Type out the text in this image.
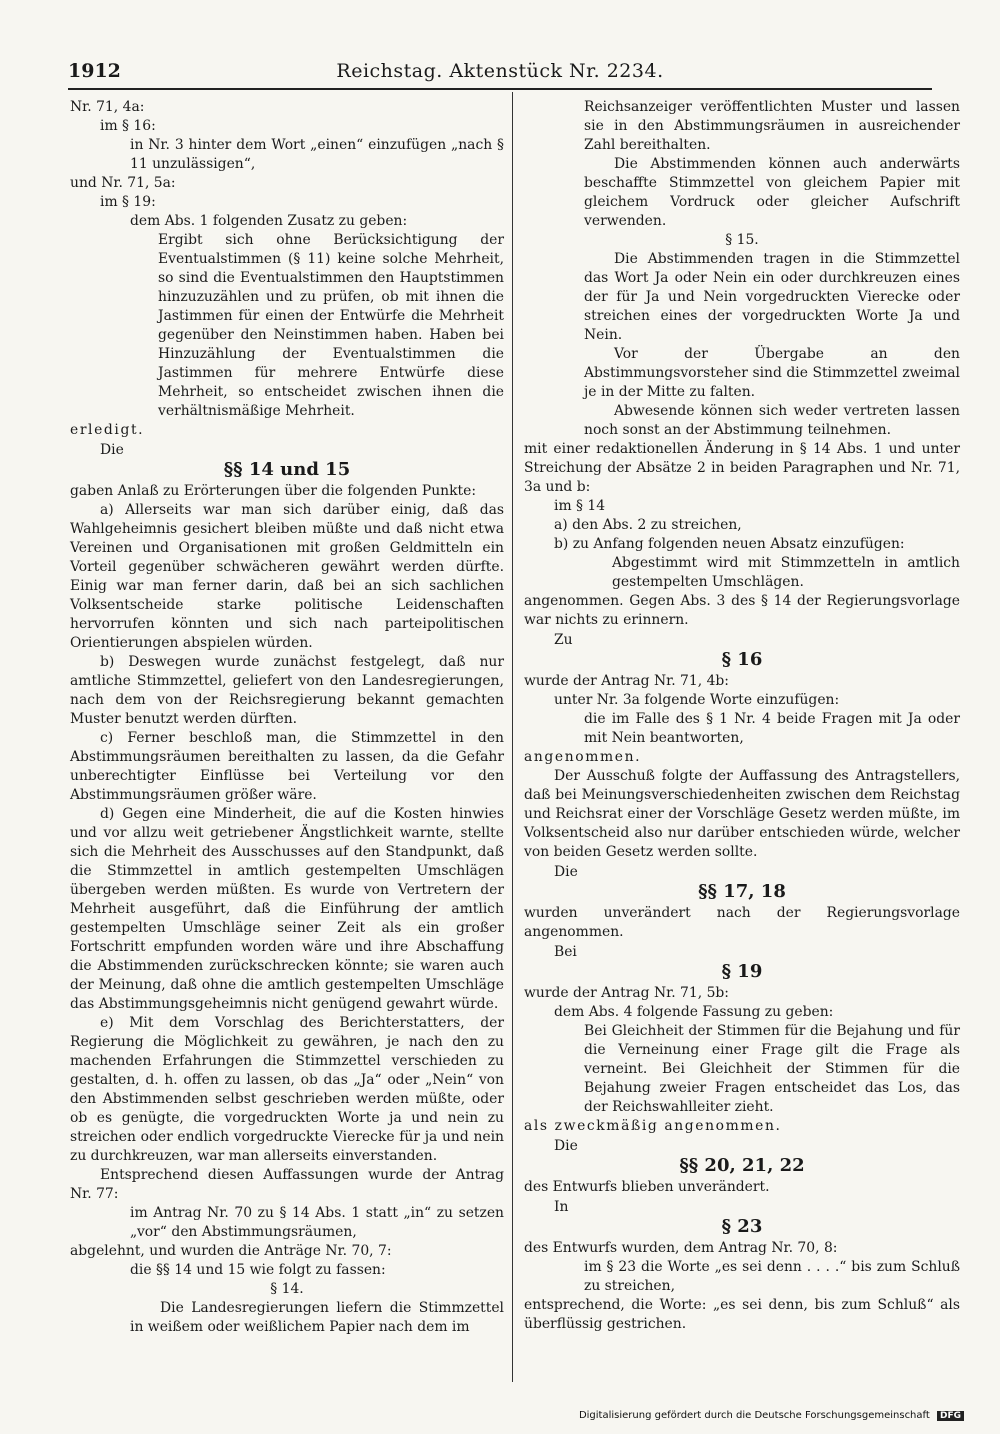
1912	Reichstag. Aktenstück Nr. 2234.

Nr. 71, 4a:

im § 16:

in Nr. 3 hinter dem Wort „einen“ einzufügen „nach § 11 unzulässigen“,

und Nr. 71, 5a:

im § 19:

dem Abs. 1 folgenden Zusatz zu geben:

Ergibt sich ohne Berücksichtigung der Eventualstimmen (§ 11) keine solche Mehrheit, so sind die Eventualstimmen den Hauptstimmen hinzuzuzählen und zu prüfen, ob mit ihnen die Jastimmen für einen der Entwürfe die Mehrheit gegenüber den Neinstimmen haben. Haben bei Hinzuzählung der Eventualstimmen die Jastimmen für mehrere Entwürfe diese Mehrheit, so entscheidet zwischen ihnen die verhältnismäßige Mehrheit.

erledigt.

Die
§§ 14 und 15

gaben Anlaß zu Erörterungen über die folgenden Punkte:

a) Allerseits war man sich darüber einig, daß das Wahlgeheimnis gesichert bleiben müßte und daß nicht etwa Vereinen und Organisationen mit großen Geldmitteln ein Vorteil gegenüber schwächeren gewährt werden dürfte. Einig war man ferner darin, daß bei an sich sachlichen Volksentscheide starke politische Leidenschaften hervorrufen könnten und sich nach parteipolitischen Orientierungen abspielen würden.

b) Deswegen wurde zunächst festgelegt, daß nur amtliche Stimmzettel, geliefert von den Landesregierungen, nach dem von der Reichsregierung bekannt gemachten Muster benutzt werden dürften.

c) Ferner beschloß man, die Stimmzettel in den Abstimmungsräumen bereithalten zu lassen, da die Gefahr unberechtigter Einflüsse bei Verteilung vor den Abstimmungsräumen größer wäre.

d) Gegen eine Minderheit, die auf die Kosten hinwies und vor allzu weit getriebener Ängstlichkeit warnte, stellte sich die Mehrheit des Ausschusses auf den Standpunkt, daß die Stimmzettel in amtlich gestempelten Umschlägen übergeben werden müßten. Es wurde von Vertretern der Mehrheit ausgeführt, daß die Einführung der amtlich gestempelten Umschläge seiner Zeit als ein großer Fortschritt empfunden worden wäre und ihre Abschaffung die Abstimmenden zurückschrecken könnte; sie waren auch der Meinung, daß ohne die amtlich gestempelten Umschläge das Abstimmungsgeheimnis nicht genügend gewahrt würde.

e) Mit dem Vorschlag des Berichterstatters, der Regierung die Möglichkeit zu gewähren, je nach den zu machenden Erfahrungen die Stimmzettel verschieden zu gestalten, d. h. offen zu lassen, ob das „Ja“ oder „Nein“ von den Abstimmenden selbst geschrieben werden müßte, oder ob es genügte, die vorgedruckten Worte ja und nein zu streichen oder endlich vorgedruckte Vierecke für ja und nein zu durchkreuzen, war man allerseits einverstanden.

Entsprechend diesen Auffassungen wurde der Antrag Nr. 77:

im Antrag Nr. 70 zu § 14 Abs. 1 statt „in“ zu setzen „vor“ den Abstimmungsräumen,

abgelehnt, und wurden die Anträge Nr. 70, 7:

die §§ 14 und 15 wie folgt zu fassen:

§ 14.

Die Landesregierungen liefern die Stimmzettel in weißem oder weißlichem Papier nach dem im

Reichsanzeiger veröffentlichten Muster und lassen sie in den Abstimmungsräumen in ausreichender Zahl bereithalten.

Die Abstimmenden können auch anderwärts beschaffte Stimmzettel von gleichem Papier mit gleichem Vordruck oder gleicher Aufschrift verwenden.

§ 15.

Die Abstimmenden tragen in die Stimmzettel das Wort Ja oder Nein ein oder durchkreuzen eines der für Ja und Nein vorgedruckten Vierecke oder streichen eines der vorgedruckten Worte Ja und Nein.

Vor der Übergabe an den Abstimmungsvorsteher sind die Stimmzettel zweimal je in der Mitte zu falten.

Abwesende können sich weder vertreten lassen noch sonst an der Abstimmung teilnehmen.

mit einer redaktionellen Änderung in § 14 Abs. 1 und unter Streichung der Absätze 2 in beiden Paragraphen und Nr. 71, 3a und b:

im § 14

a) den Abs. 2 zu streichen,

b) zu Anfang folgenden neuen Absatz einzufügen:

Abgestimmt wird mit Stimmzetteln in amtlich gestempelten Umschlägen.

angenommen. Gegen Abs. 3 des § 14 der Regierungsvorlage war nichts zu erinnern.

Zu
§ 16

wurde der Antrag Nr. 71, 4b:

unter Nr. 3a folgende Worte einzufügen:

die im Falle des § 1 Nr. 4 beide Fragen mit Ja oder mit Nein beantworten,

angenommen.

Der Ausschuß folgte der Auffassung des Antragstellers, daß bei Meinungsverschiedenheiten zwischen dem Reichstag und Reichsrat einer der Vorschläge Gesetz werden müßte, im Volksentscheid also nur darüber entschieden würde, welcher von beiden Gesetz werden sollte.

Die
§§ 17, 18

wurden unverändert nach der Regierungsvorlage angenommen.

Bei
§ 19

wurde der Antrag Nr. 71, 5b:

dem Abs. 4 folgende Fassung zu geben:

Bei Gleichheit der Stimmen für die Bejahung und für die Verneinung einer Frage gilt die Frage als verneint. Bei Gleichheit der Stimmen für die Bejahung zweier Fragen entscheidet das Los, das der Reichswahlleiter zieht.

als zweckmäßig angenommen.

Die
§§ 20, 21, 22

des Entwurfs blieben unverändert.

In
§ 23

des Entwurfs wurden, dem Antrag Nr. 70, 8:

im § 23 die Worte „es sei denn . . . .“ bis zum Schluß zu streichen,

entsprechend, die Worte: „es sei denn, bis zum Schluß“ als überflüssig gestrichen.

Digitalisierung gefördert durch die Deutsche Forschungsgemeinschaft DFG
